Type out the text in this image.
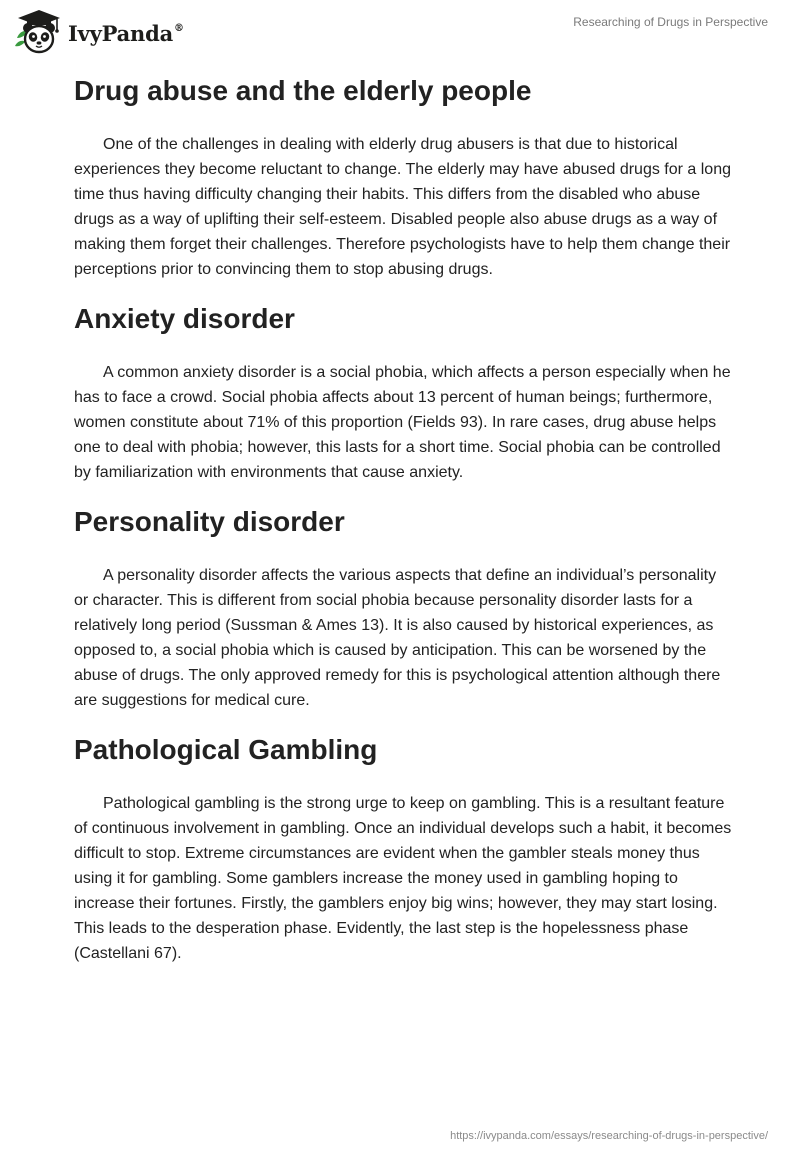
IvyPanda®	Researching of Drugs in Perspective
Drug abuse and the elderly people

One of the challenges in dealing with elderly drug abusers is that due to historical experiences they become reluctant to change. The elderly may have abused drugs for a long time thus having difficulty changing their habits. This differs from the disabled who abuse drugs as a way of uplifting their self-esteem. Disabled people also abuse drugs as a way of making them forget their challenges. Therefore psychologists have to help them change their perceptions prior to convincing them to stop abusing drugs.

Anxiety disorder

A common anxiety disorder is a social phobia, which affects a person especially when he has to face a crowd. Social phobia affects about 13 percent of human beings; furthermore, women constitute about 71% of this proportion (Fields 93). In rare cases, drug abuse helps one to deal with phobia; however, this lasts for a short time. Social phobia can be controlled by familiarization with environments that cause anxiety.

Personality disorder

A personality disorder affects the various aspects that define an individual’s personality or character. This is different from social phobia because personality disorder lasts for a relatively long period (Sussman & Ames 13). It is also caused by historical experiences, as opposed to, a social phobia which is caused by anticipation. This can be worsened by the abuse of drugs. The only approved remedy for this is psychological attention although there are suggestions for medical cure.

Pathological Gambling

Pathological gambling is the strong urge to keep on gambling. This is a resultant feature of continuous involvement in gambling. Once an individual develops such a habit, it becomes difficult to stop. Extreme circumstances are evident when the gambler steals money thus using it for gambling. Some gamblers increase the money used in gambling hoping to increase their fortunes. Firstly, the gamblers enjoy big wins; however, they may start losing. This leads to the desperation phase. Evidently, the last step is the hopelessness phase (Castellani 67).

https://ivypanda.com/essays/researching-of-drugs-in-perspective/
